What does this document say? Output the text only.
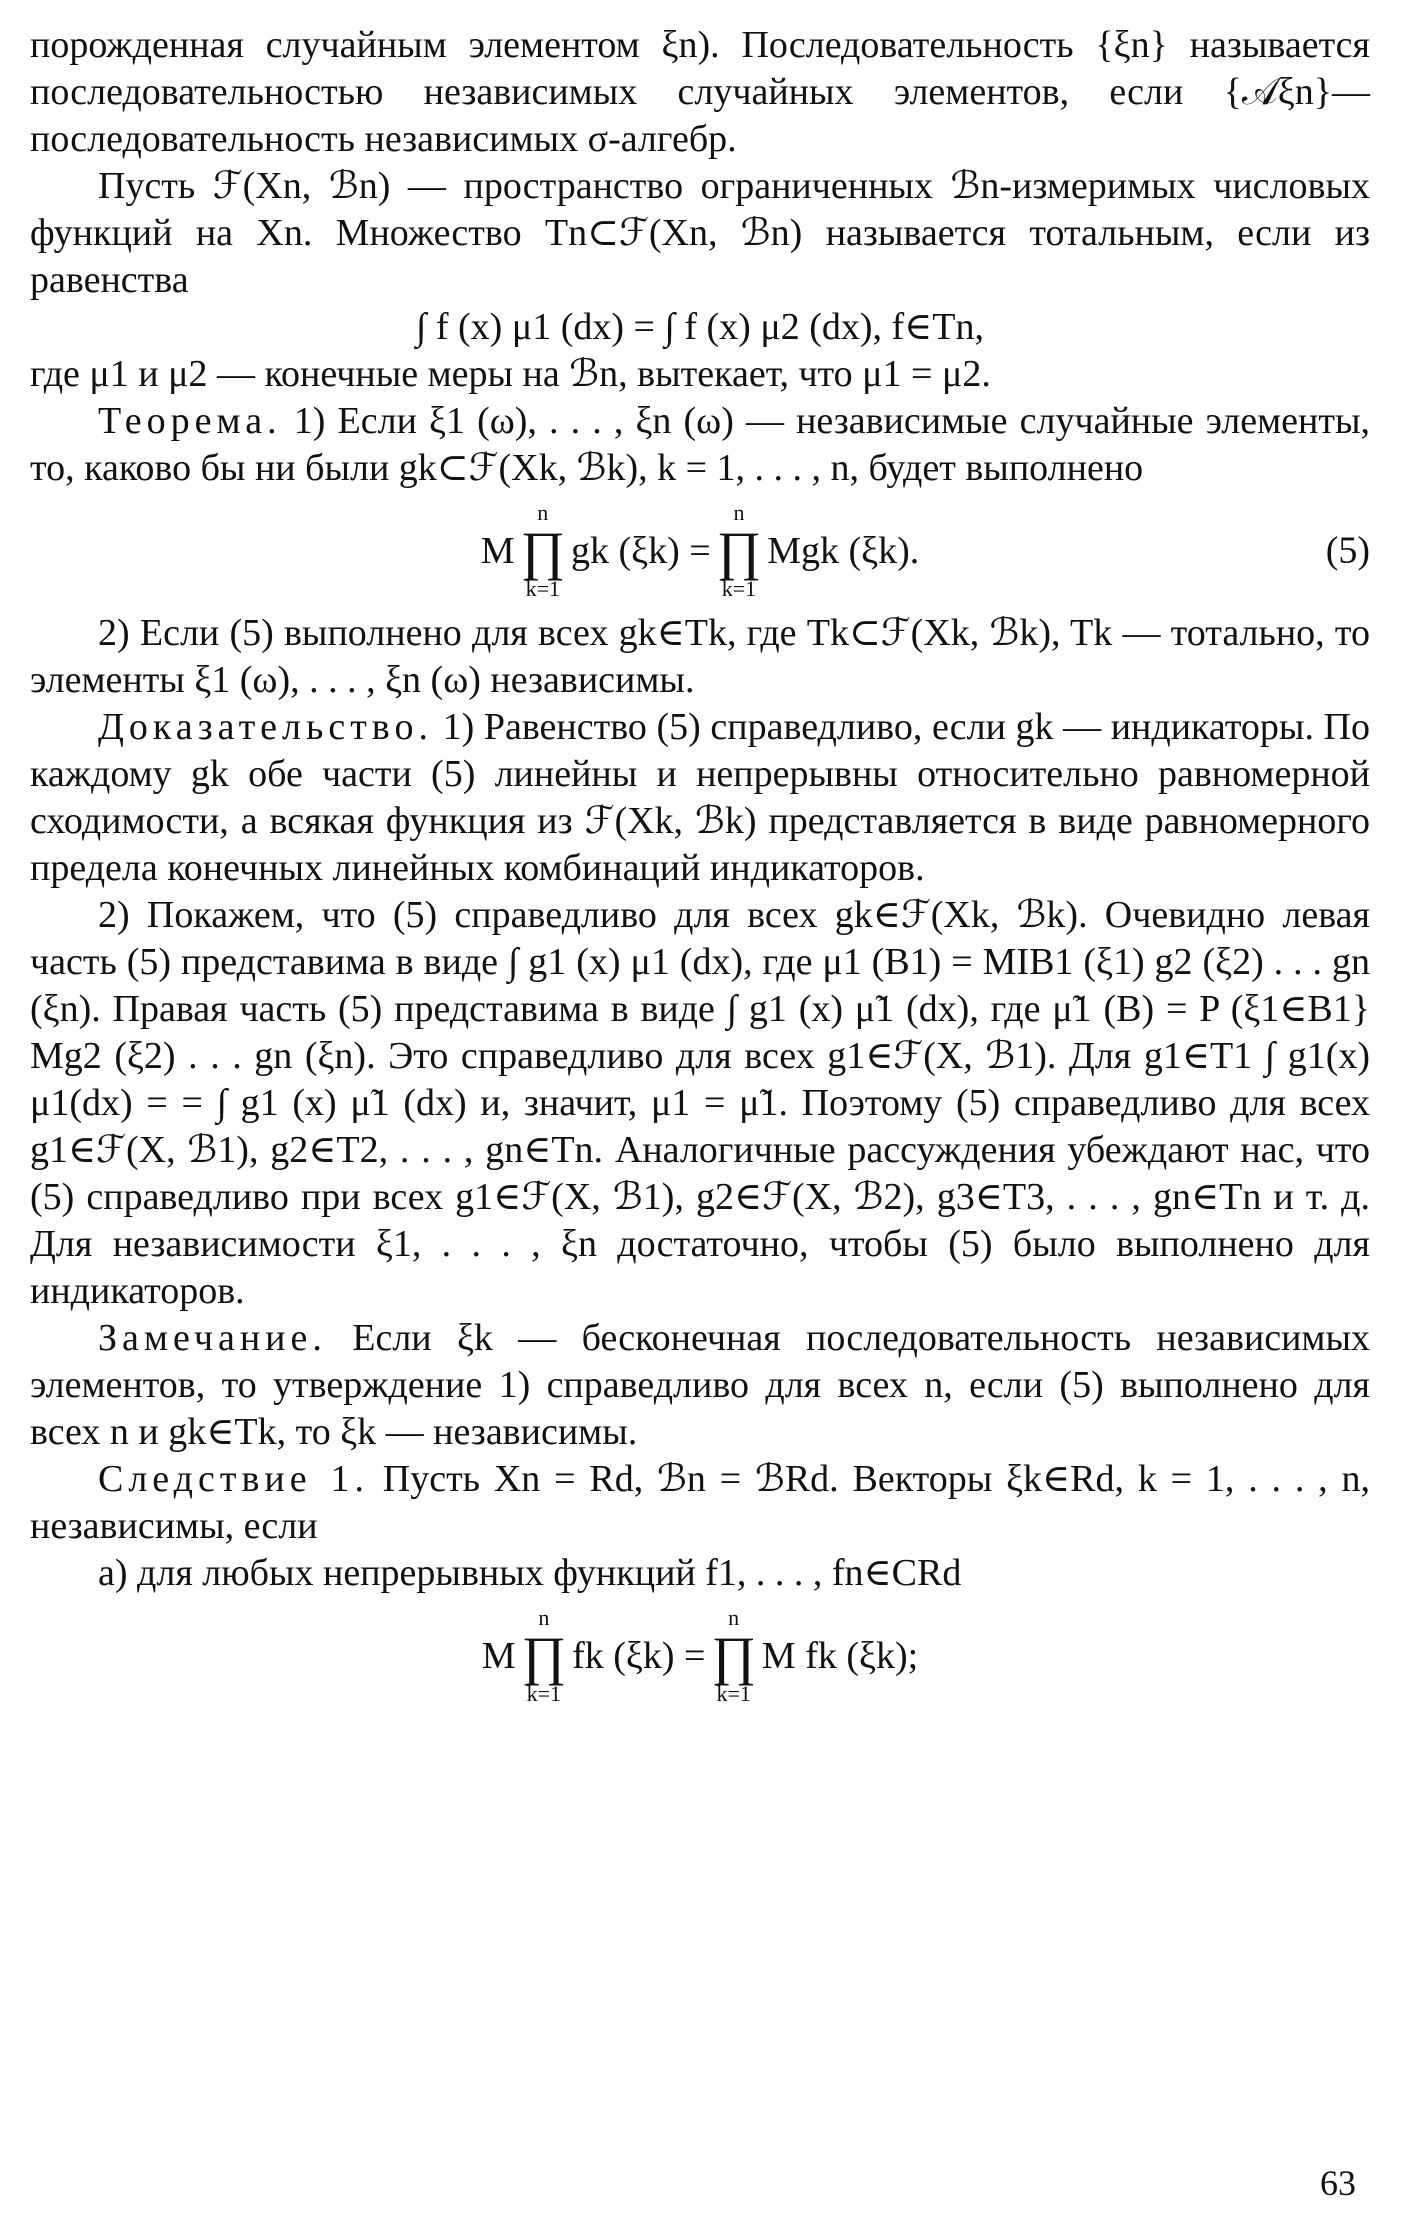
порожденная случайным элементом ξn). Последовательность {ξn} называется последовательностью независимых случайных элементов, если {𝒜ξn}—последовательность независимых σ-алгебр.

Пусть ℱ(Xn, ℬn) — пространство ограниченных ℬn-измеримых числовых функций на Xn. Множество Tn⊂ℱ(Xn, ℬn) называется тотальным, если из равенства

∫ f (x) μ1 (dx) = ∫ f (x) μ2 (dx), f∈Tn,

где μ1 и μ2 — конечные меры на ℬn, вытекает, что μ1 = μ2.

Теорема. 1) Если ξ1 (ω), . . . , ξn (ω) — независимые случайные элементы, то, каково бы ни были gk⊂ℱ(Xk, ℬk), k = 1, . . . , n, будет выполнено

M
n
∏
k=1
gk (ξk) =
n
∏
k=1
Mgk (ξk).	(5)

2) Если (5) выполнено для всех gk∈Tk, где Tk⊂ℱ(Xk, ℬk), Tk — тотально, то элементы ξ1 (ω), . . . , ξn (ω) независимы.

Доказательство. 1) Равенство (5) справедливо, если gk — индикаторы. По каждому gk обе части (5) линейны и непрерывны относительно равномерной сходимости, а всякая функция из ℱ(Xk, ℬk) представляется в виде равномерного предела конечных линейных комбинаций индикаторов.

2) Покажем, что (5) справедливо для всех gk∈ℱ(Xk, ℬk). Очевидно левая часть (5) представима в виде ∫ g1 (x) μ1 (dx), где μ1 (B1) = MIB1 (ξ1) g2 (ξ2) . . . gn (ξn). Правая часть (5) представима в виде ∫ g1 (x) μ̃1 (dx), где μ̃1 (B) = P (ξ1∈B1} Mg2 (ξ2) . . . gn (ξn). Это справедливо для всех g1∈ℱ(X, ℬ1). Для g1∈T1 ∫ g1(x) μ1(dx) = = ∫ g1 (x) μ̃1 (dx) и, значит, μ1 = μ̃1. Поэтому (5) справедливо для всех g1∈ℱ(X, ℬ1), g2∈T2, . . . , gn∈Tn. Аналогичные рассуждения убеждают нас, что (5) справедливо при всех g1∈ℱ(X, ℬ1), g2∈ℱ(X, ℬ2), g3∈T3, . . . , gn∈Tn и т. д. Для независимости ξ1, . . . , ξn достаточно, чтобы (5) было выполнено для индикаторов.

Замечание. Если ξk — бесконечная последовательность независимых элементов, то утверждение 1) справедливо для всех n, если (5) выполнено для всех n и gk∈Tk, то ξk — независимы.

Следствие 1. Пусть Xn = Rd, ℬn = ℬRd. Векторы ξk∈Rd, k = 1, . . . , n, независимы, если

а) для любых непрерывных функций f1, . . . , fn∈CRd

M
n
∏
k=1
fk (ξk) =
n
∏
k=1
M fk (ξk);
63
